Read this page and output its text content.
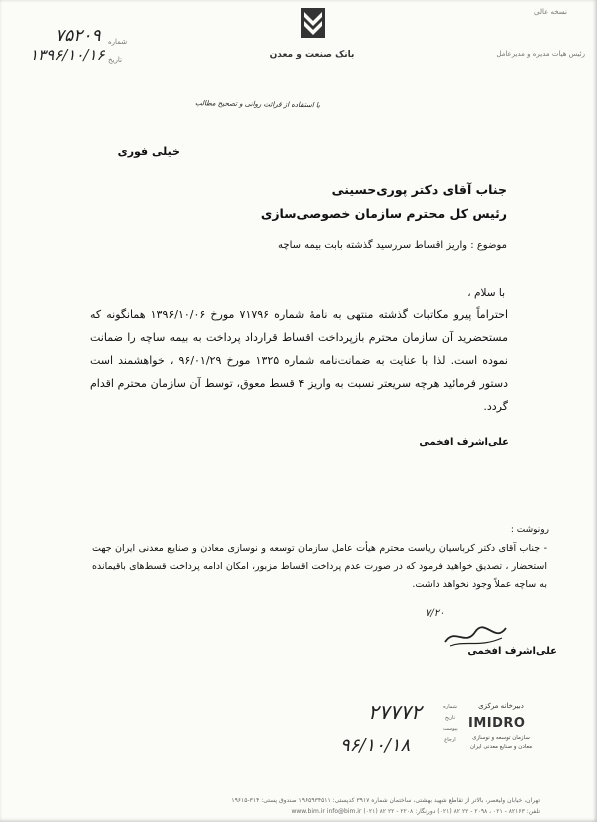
نسخه عالی
رئیس هیات مدیره و مدیرعامل
بانک صنعت و معدن
شماره
۷۵۲۰۹
تاریخ
۱۳۹۶/۱۰/۱۶
با استفاده از قرائت روانی و تصحیح مطالب
خیلی فوری
جناب آقای دکتر پوری‌حسینی
رئیس کل محترم سازمان خصوصی‌سازی
موضوع : واریز اقساط سررسید گذشته بابت بیمه ساچه
با سلام ،
احتراماً پیرو مکاتبات گذشته منتهی به نامهٔ شماره ۷۱۷۹۶ مورخ ۱۳۹۶/۱۰/۰۶ همانگونه که مستحضرید آن سازمان محترم بازپرداخت اقساط قرارداد پرداخت به بیمه ساچه را ضمانت نموده است. لذا با عنایت به ضمانت‌نامه شماره ۱۳۲۵ مورخ ۹۶/۰۱/۲۹ ، خواهشمند است دستور فرمائید هرچه سریعتر نسبت به واریز ۴ قسط معوق، توسط آن سازمان محترم اقدام گردد.
علی‌اشرف افخمی
رونوشت :
- جناب آقای دکتر کرباسیان ریاست محترم هیأت عامل سازمان توسعه و نوسازی معادن و صنایع معدنی ایران جهت استحضار ، تصدیق خواهید فرمود که در صورت عدم پرداخت اقساط مزبور، امکان ادامه پرداخت قسط‌های باقیمانده به ساچه عملاً وجود نخواهد داشت.
۷/۲۰
علی‌اشرف افخمی
۲۷۷۷۲
۹۶/۱۰/۱۸
شماره
تاریخ
پیوست
ارجاع
دبیرخانه مرکزی
IMIDRO
سازمان توسعه و نوسازی
معادن و صنایع معدنی ایران
تهران، خیابان ولیعصر، بالاتر از تقاطع شهید بهشتی، ساختمان شماره ۳۹۱۷ کدپستی: ۱۹۶۵۹۳۴۵۱۱ صندوق پستی: ۳۱۴-۱۹۶۱۵
تلفن: ۸۲۱۶۳ - ۰۲۱ ، ۲۰۹۸ - ۲۲ ۸۲ (۰۲۱) دورنگار: ۲۲۰۸ - ۲۲ ۸۲ (۰۲۱) www.bim.ir info@bim.ir
